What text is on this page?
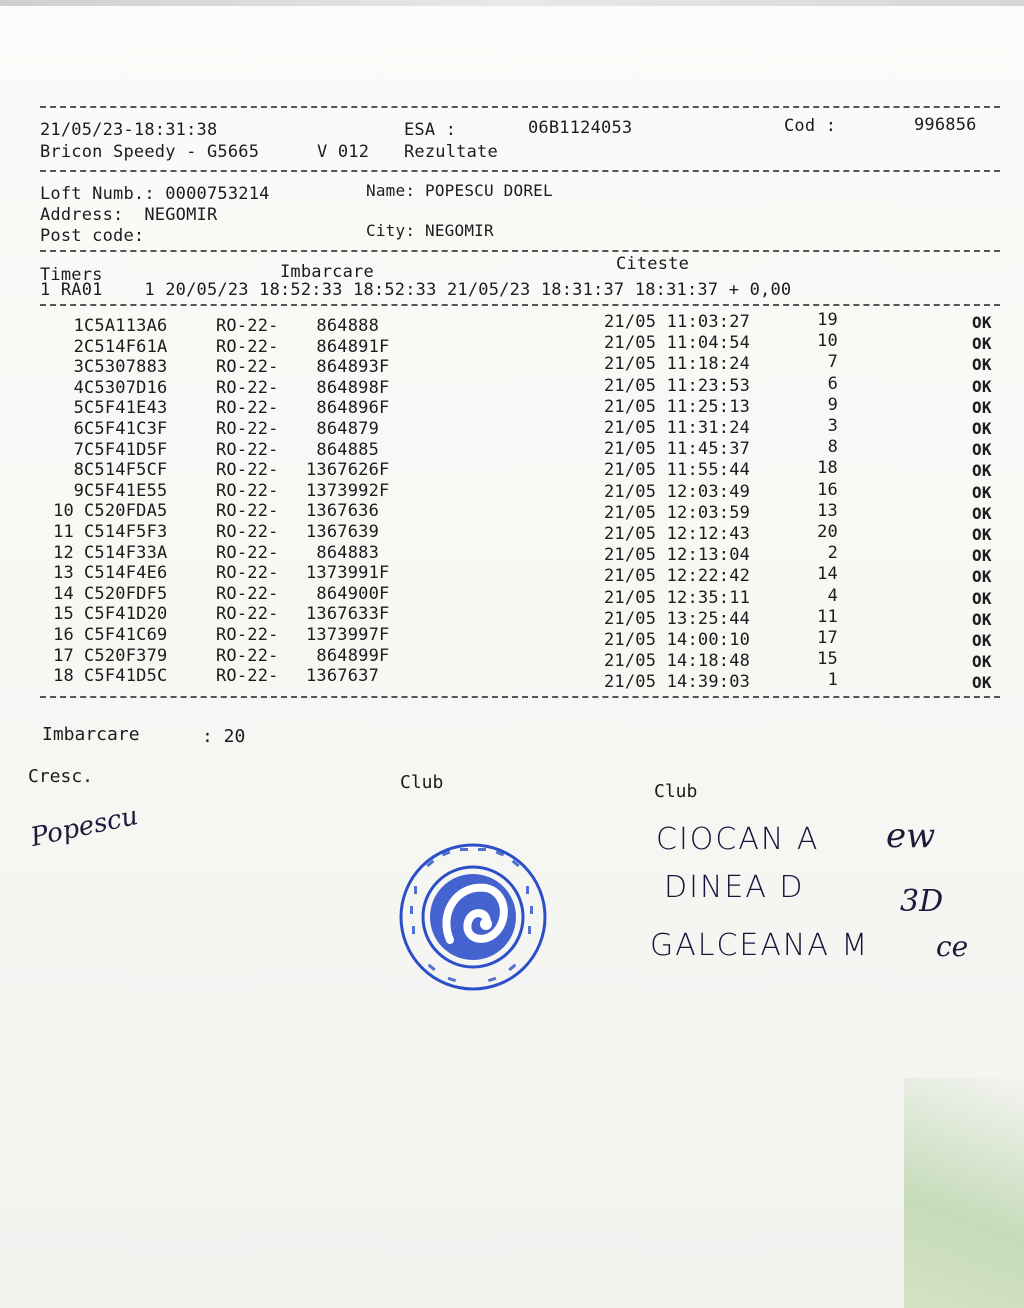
21/05/23-18:31:38	ESA :	06B1124053	Cod :	996856
Bricon Speedy - G5665	V 012 Rezultate
Loft Numb.: 0000753214	Name: POPESCU DOREL
Address:  NEGOMIR
Post code:	City: NEGOMIR
Timers	Imbarcare	Citeste
1 RA01    1 20/05/23 18:52:33 18:52:33 21/05/23 18:31:37 18:31:37 + 0,00
1 C5A113A6	RO-22- 864888	21/05 11:03:27	19	OK
2 C514F61A	RO-22- 864891F	21/05 11:04:54	10	OK
3 C5307883	RO-22- 864893F	21/05 11:18:24	7	OK
4 C5307D16	RO-22- 864898F	21/05 11:23:53	6	OK
5 C5F41E43	RO-22- 864896F	21/05 11:25:13	9	OK
6 C5F41C3F	RO-22- 864879	21/05 11:31:24	3	OK
7 C5F41D5F	RO-22- 864885	21/05 11:45:37	8	OK
8 C514F5CF	RO-22- 1367626F	21/05 11:55:44	18	OK
9 C5F41E55	RO-22- 1373992F	21/05 12:03:49	16	OK
10 C520FDA5	RO-22- 1367636	21/05 12:03:59	13	OK
11 C514F5F3	RO-22- 1367639	21/05 12:12:43	20	OK
12 C514F33A	RO-22- 864883	21/05 12:13:04	2	OK
13 C514F4E6	RO-22- 1373991F	21/05 12:22:42	14	OK
14 C520FDF5	RO-22- 864900F	21/05 12:35:11	4	OK
15 C5F41D20	RO-22- 1367633F	21/05 13:25:44	11	OK
16 C5F41C69	RO-22- 1373997F	21/05 14:00:10	17	OK
17 C520F379	RO-22- 864899F	21/05 14:18:48	15	OK
18 C5F41D5C	RO-22- 1367637	21/05 14:39:03	1	OK
Imbarcare	: 20
Cresc.	Club	Club
Popescu	CIOCAN A
DINEA D
GALCEANA M
ew
3D
ce
